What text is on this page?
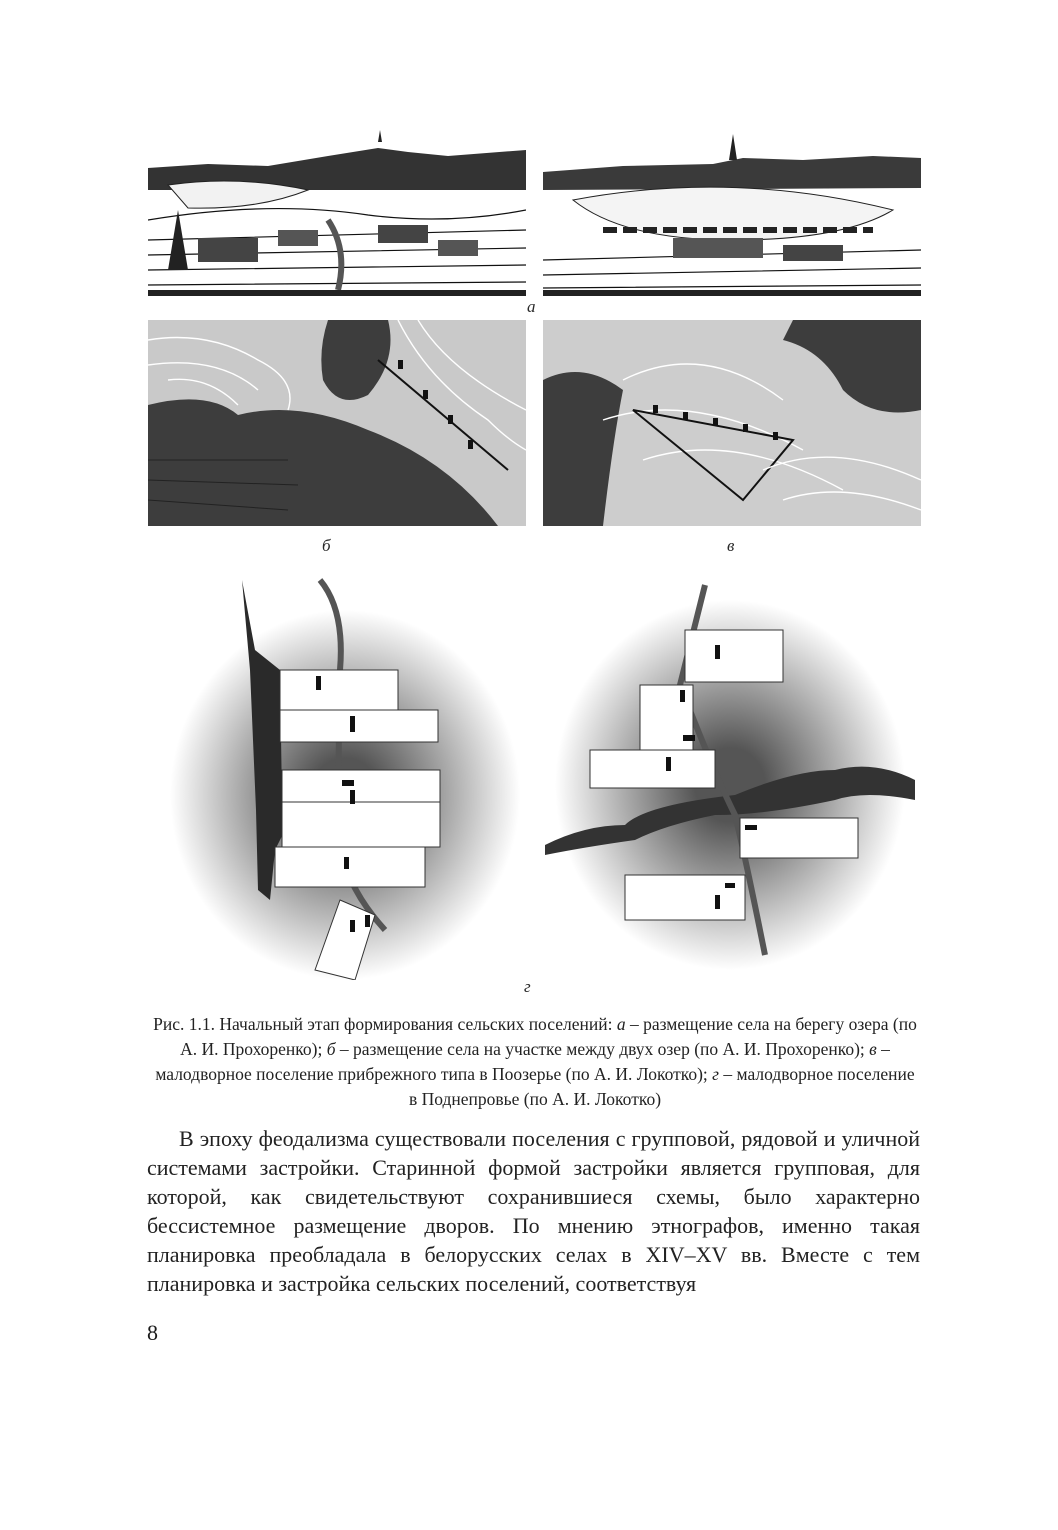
а
б	в
г
Рис. 1.1. Начальный этап формирования сельских поселений: а – размещение села на берегу озера (по А. И. Прохоренко); б – размещение села на участке между двух озер (по А. И. Прохоренко); в – малодворное поселение прибрежного типа в Поозерье (по А. И. Локотко); г – малодворное поселение в Поднепровье (по А. И. Локотко)

В эпоху феодализма существовали поселения с групповой, рядовой и уличной системами застройки. Старинной формой застройки является групповая, для которой, как свидетельствуют сохранившиеся схемы, было характерно бессистемное размещение дворов. По мнению этнографов, именно такая планировка преобладала в белорусских селах в XIV–XV вв. Вместе с тем планировка и застройка сельских поселений, соответствуя

8
